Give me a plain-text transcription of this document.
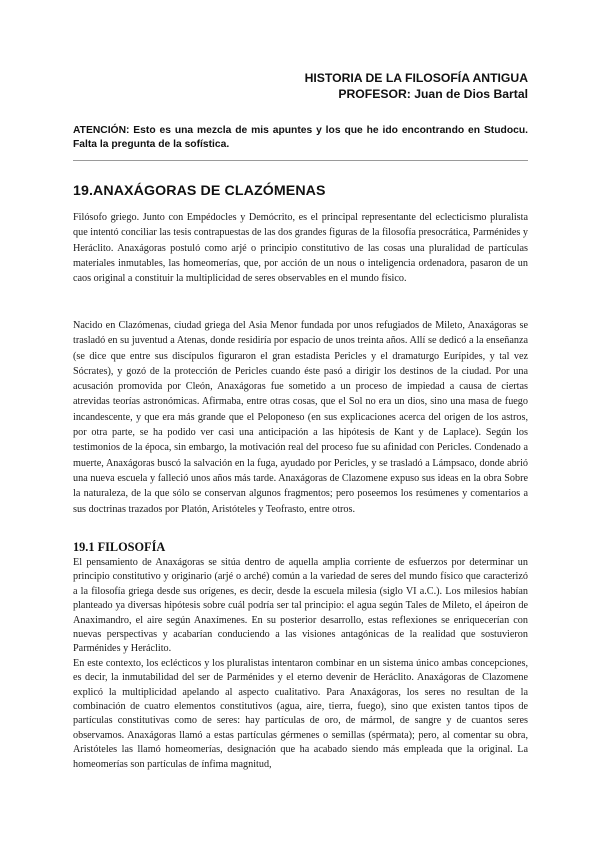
HISTORIA DE LA FILOSOFÍA ANTIGUA
PROFESOR: Juan de Dios Bartal
ATENCIÓN: Esto es una mezcla de mis apuntes y los que he ido encontrando en Studocu. Falta la pregunta de la sofística.
19.ANAXÁGORAS DE CLAZÓMENAS

Filósofo griego. Junto con Empédocles y Demócrito, es el principal representante del eclecticismo pluralista que intentó conciliar las tesis contrapuestas de las dos grandes figuras de la filosofía presocrática, Parménides y Heráclito. Anaxágoras postuló como arjé o principio constitutivo de las cosas una pluralidad de partículas materiales inmutables, las homeomerías, que, por acción de un nous o inteligencia ordenadora, pasaron de un caos original a constituir la multiplicidad de seres observables en el mundo físico.

Nacido en Clazómenas, ciudad griega del Asia Menor fundada por unos refugiados de Mileto, Anaxágoras se trasladó en su juventud a Atenas, donde residiría por espacio de unos treinta años. Allí se dedicó a la enseñanza (se dice que entre sus discípulos figuraron el gran estadista Pericles y el dramaturgo Eurípides, y tal vez Sócrates), y gozó de la protección de Pericles cuando éste pasó a dirigir los destinos de la ciudad. Por una acusación promovida por Cleón, Anaxágoras fue sometido a un proceso de impiedad a causa de ciertas atrevidas teorías astronómicas. Afirmaba, entre otras cosas, que el Sol no era un dios, sino una masa de fuego incandescente, y que era más grande que el Peloponeso (en sus explicaciones acerca del origen de los astros, por otra parte, se ha podido ver casi una anticipación a las hipótesis de Kant y de Laplace). Según los testimonios de la época, sin embargo, la motivación real del proceso fue su afinidad con Pericles. Condenado a muerte, Anaxágoras buscó la salvación en la fuga, ayudado por Pericles, y se trasladó a Lámpsaco, donde abrió una nueva escuela y falleció unos años más tarde. Anaxágoras de Clazomene expuso sus ideas en la obra Sobre la naturaleza, de la que sólo se conservan algunos fragmentos; pero poseemos los resúmenes y comentarios a sus doctrinas trazados por Platón, Aristóteles y Teofrasto, entre otros.

19.1 FILOSOFÍA
El pensamiento de Anaxágoras se sitúa dentro de aquella amplia corriente de esfuerzos por determinar un principio constitutivo y originario (arjé o arché) común a la variedad de seres del mundo físico que caracterizó a la filosofía griega desde sus orígenes, es decir, desde la escuela milesia (siglo VI a.C.). Los milesios habían planteado ya diversas hipótesis sobre cuál podría ser tal principio: el agua según Tales de Mileto, el ápeiron de Anaximandro, el aire según Anaxímenes. En su posterior desarrollo, estas reflexiones se enriquecerían con nuevas perspectivas y acabarían conduciendo a las visiones antagónicas de la realidad que sostuvieron Parménides y Heráclito.
En este contexto, los eclécticos y los pluralistas intentaron combinar en un sistema único ambas concepciones, es decir, la inmutabilidad del ser de Parménides y el eterno devenir de Heráclito. Anaxágoras de Clazomene explicó la multiplicidad apelando al aspecto cualitativo. Para Anaxágoras, los seres no resultan de la combinación de cuatro elementos constitutivos (agua, aire, tierra, fuego), sino que existen tantos tipos de partículas constitutivas como de seres: hay partículas de oro, de mármol, de sangre y de cuantos seres observamos. Anaxágoras llamó a estas partículas gérmenes o semillas (spérmata); pero, al comentar su obra, Aristóteles las llamó homeomerías, designación que ha acabado siendo más empleada que la original. La homeomerías son partículas de ínfima magnitud,
